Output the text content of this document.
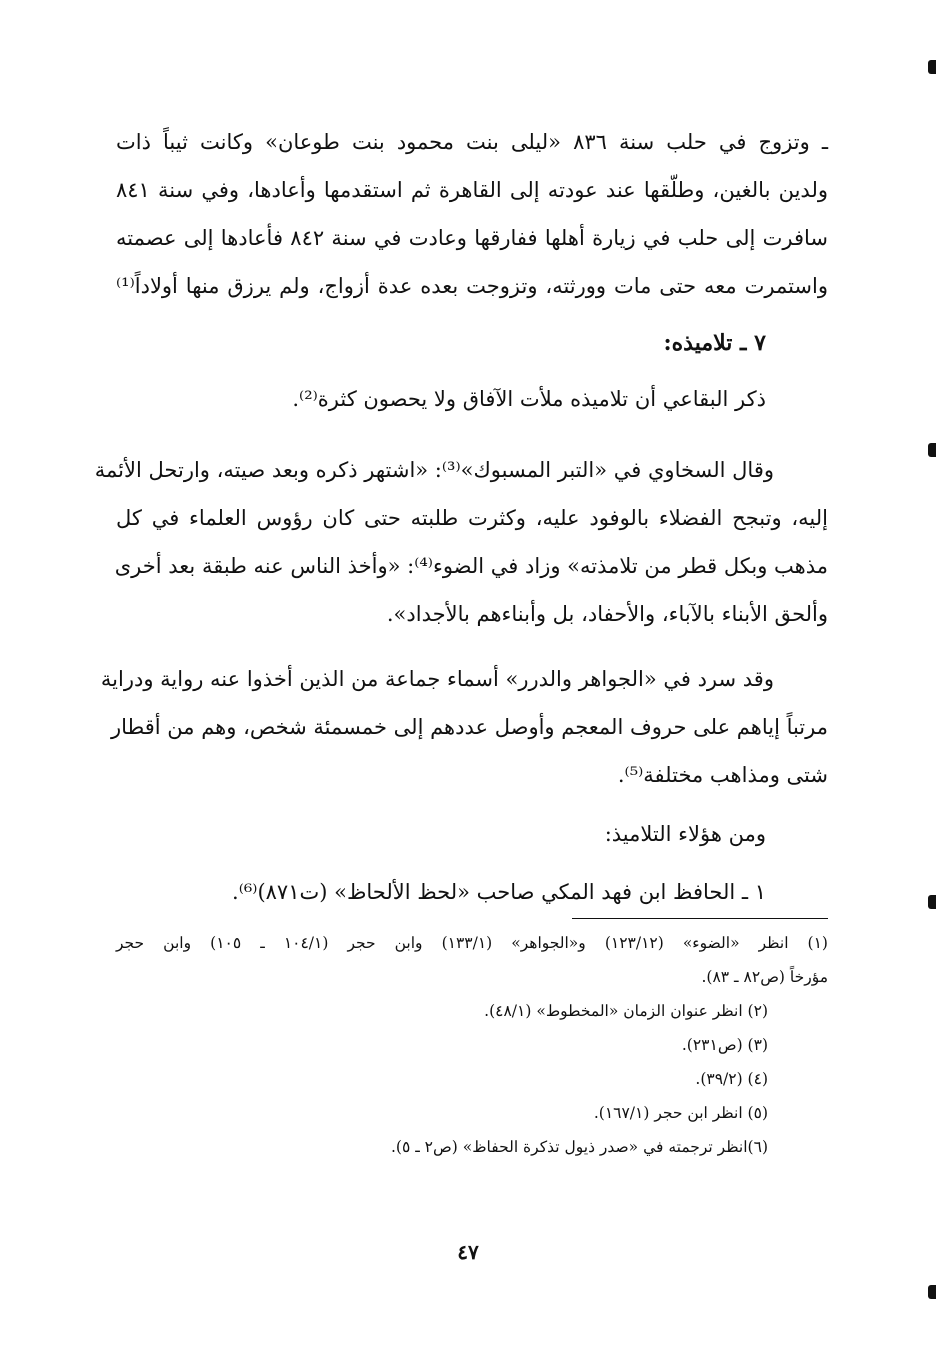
ـ وتزوج في حلب سنة ٨٣٦ «ليلى بنت محمود بنت طوعان» وكانت ثيباً ذات

ولدين بالغين، وطلّقها عند عودته إلى القاهرة ثم استقدمها وأعادها، وفي سنة ٨٤١

سافرت إلى حلب في زيارة أهلها ففارقها وعادت في سنة ٨٤٢ فأعادها إلى عصمته

واستمرت معه حتى مات وورثته، وتزوجت بعده عدة أزواج، ولم يرزق منها أولاداً⁽¹⁾

٧ ـ تلاميذه:
ذكر البقاعي أن تلاميذه ملأت الآفاق ولا يحصون كثرة⁽²⁾.

وقال السخاوي في «التبر المسبوك»⁽³⁾: «اشتهر ذكره وبعد صيته، وارتحل الأئمة

إليه، وتبجح الفضلاء بالوفود عليه، وكثرت طلبته حتى كان رؤوس العلماء في كل

مذهب وبكل قطر من تلامذته» وزاد في الضوء⁽⁴⁾: «وأخذ الناس عنه طبقة بعد أخرى

وألحق الأبناء بالآباء، والأحفاد، بل وأبناءهم بالأجداد».

وقد سرد في «الجواهر والدرر» أسماء جماعة من الذين أخذوا عنه رواية ودراية

مرتباً إياهم على حروف المعجم وأوصل عددهم إلى خمسمئة شخص، وهم من أقطار

شتى ومذاهب مختلفة⁽⁵⁾.

ومن هؤلاء التلاميذ:
١ ـ الحافظ ابن فهد المكي صاحب «لحظ الألحاظ» (ت٨٧١)⁽⁶⁾.

(١) انظر «الضوء» (١٢٣/١٢) و«الجواهر» (١٣٣/١) وابن حجر (١٠٤/١ ـ ١٠٥) وابن حجر

مؤرخاً (ص٨٢ ـ ٨٣).

(٢) انظر عنوان الزمان «المخطوط» (٤٨/١).

(٣) (ص٢٣١).

(٤) (٣٩/٢).

(٥) انظر ابن حجر (١٦٧/١).

(٦)انظر ترجمته في «صدر ذيول تذكرة الحفاظ» (ص٢ ـ ٥).

٤٧
